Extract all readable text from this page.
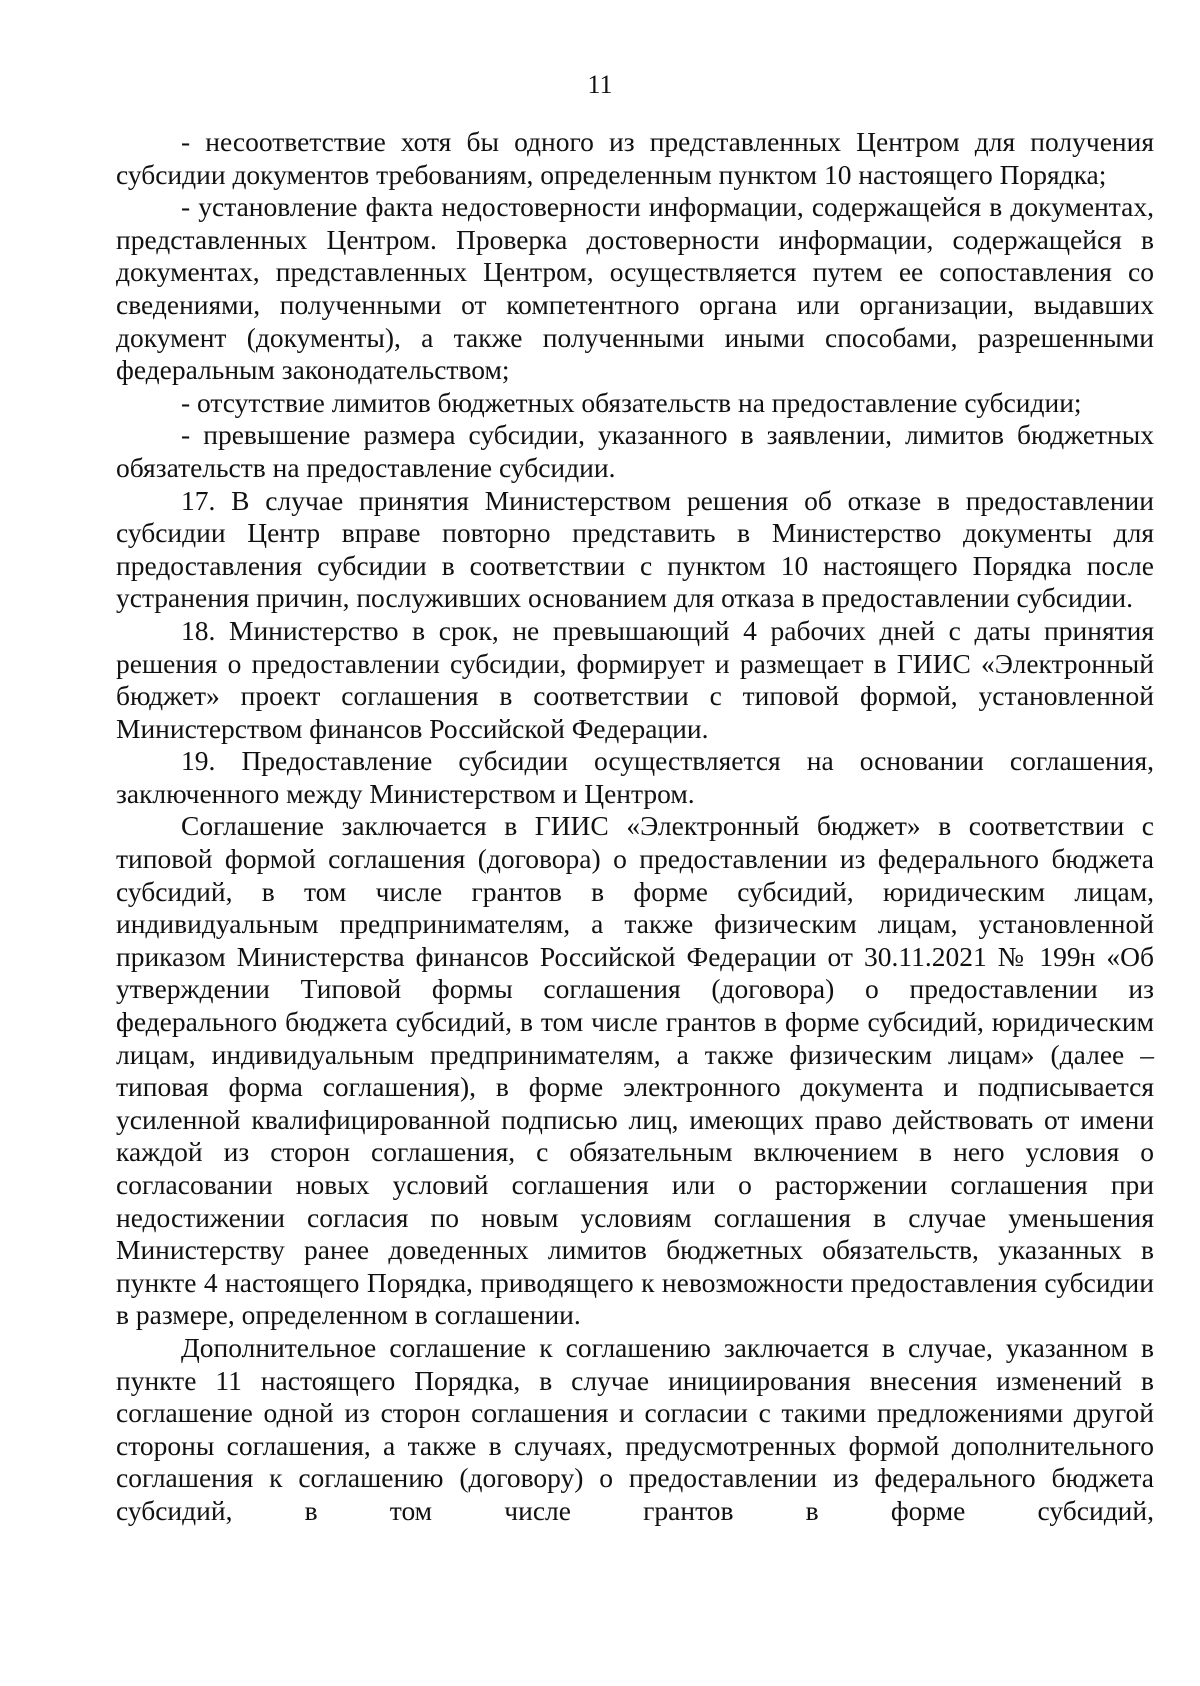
11

- несоответствие хотя бы одного из представленных Центром для получения субсидии документов требованиям, определенным пунктом 10 настоящего Порядка;

- установление факта недостоверности информации, содержащейся в документах, представленных Центром. Проверка достоверности информации, содержащейся в документах, представленных Центром, осуществляется путем ее сопоставления со сведениями, полученными от компетентного органа или организации, выдавших документ (документы), а также полученными иными способами, разрешенными федеральным законодательством;

- отсутствие лимитов бюджетных обязательств на предоставление субсидии;

- превышение размера субсидии, указанного в заявлении, лимитов бюджетных обязательств на предоставление субсидии.

17. В случае принятия Министерством решения об отказе в предоставлении субсидии Центр вправе повторно представить в Министерство документы для предоставления субсидии в соответствии с пунктом 10 настоящего Порядка после устранения причин, послуживших основанием для отказа в предоставлении субсидии.

18. Министерство в срок, не превышающий 4 рабочих дней с даты принятия решения о предоставлении субсидии, формирует и размещает в ГИИС «Электронный бюджет» проект соглашения в соответствии с типовой формой, установленной Министерством финансов Российской Федерации.

19. Предоставление субсидии осуществляется на основании соглашения, заключенного между Министерством и Центром.

Соглашение заключается в ГИИС «Электронный бюджет» в соответствии с типовой формой соглашения (договора) о предоставлении из федерального бюджета субсидий, в том числе грантов в форме субсидий, юридическим лицам, индивидуальным предпринимателям, а также физическим лицам, установленной приказом Министерства финансов Российской Федерации от 30.11.2021 № 199н «Об утверждении Типовой формы соглашения (договора) о предоставлении из федерального бюджета субсидий, в том числе грантов в форме субсидий, юридическим лицам, индивидуальным предпринимателям, а также физическим лицам» (далее – типовая форма соглашения), в форме электронного документа и подписывается усиленной квалифицированной подписью лиц, имеющих право действовать от имени каждой из сторон соглашения, с обязательным включением в него условия о согласовании новых условий соглашения или о расторжении соглашения при недостижении согласия по новым условиям соглашения в случае уменьшения Министерству ранее доведенных лимитов бюджетных обязательств, указанных в пункте 4 настоящего Порядка, приводящего к невозможности предоставления субсидии в размере, определенном в соглашении.

Дополнительное соглашение к соглашению заключается в случае, указанном в пункте 11 настоящего Порядка, в случае инициирования внесения изменений в соглашение одной из сторон соглашения и согласии с такими предложениями другой стороны соглашения, а также в случаях, предусмотренных формой дополнительного соглашения к соглашению (договору) о предоставлении из федерального бюджета субсидий, в том числе грантов в форме субсидий,
